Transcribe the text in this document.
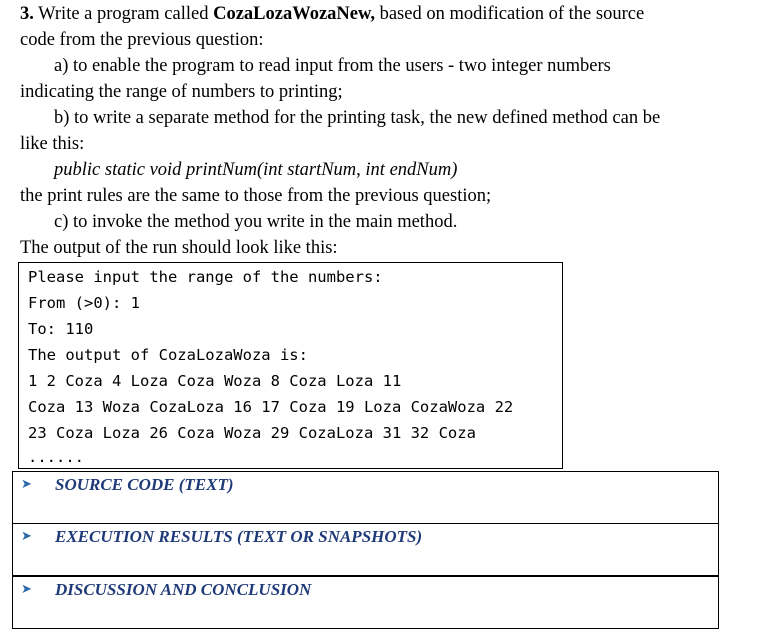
3. Write a program called CozaLozaWozaNew, based on modification of the source
code from the previous question:
a) to enable the program to read input from the users - two integer numbers
indicating the range of numbers to printing;
b) to write a separate method for the printing task, the new defined method can be
like this:
public static void printNum(int startNum, int endNum)
the print rules are the same to those from the previous question;
c) to invoke the method you write in the main method.
The output of the run should look like this:
Please input the range of the numbers:
From (>0): 1
To: 110
The output of CozaLozaWoza is:
1 2 Coza 4 Loza Coza Woza 8 Coza Loza 11
Coza 13 Woza CozaLoza 16 17 Coza 19 Loza CozaWoza 22
23 Coza Loza 26 Coza Woza 29 CozaLoza 31 32 Coza
......
➤ SOURCE CODE (TEXT)
➤ EXECUTION RESULTS (TEXT OR SNAPSHOTS)
➤ DISCUSSION AND CONCLUSION
